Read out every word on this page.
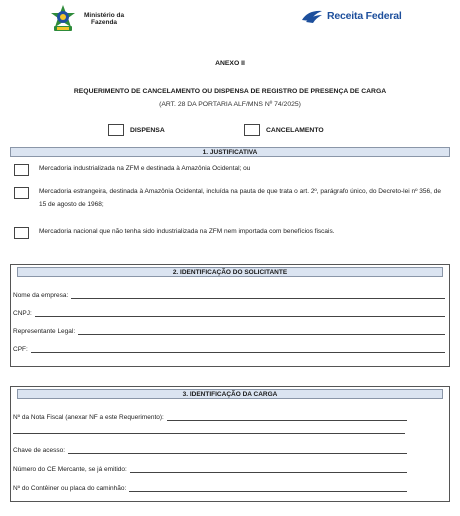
Ministério da
Fazenda
Receita Federal
ANEXO II
REQUERIMENTO DE CANCELAMENTO OU DISPENSA DE REGISTRO DE PRESENÇA DE CARGA
(ART. 28 DA PORTARIA ALF/MNS Nº 74/2025)
DISPENSA	CANCELAMENTO
1. JUSTIFICATIVA
Mercadoria industrializada na ZFM e destinada à Amazônia Ocidental; ou
Mercadoria estrangeira, destinada à Amazônia Ocidental, incluída na pauta de que trata o art. 2º, parágrafo único, do Decreto-lei nº 356, de 15 de agosto de 1968;
Mercadoria nacional que não tenha sido industrializada na ZFM nem importada com benefícios fiscais.
2. IDENTIFICAÇÃO DO SOLICITANTE
Nome da empresa:
CNPJ:
Representante Legal:
CPF:
3. IDENTIFICAÇÃO DA CARGA
Nº da Nota Fiscal (anexar NF a este Requerimento):
Chave de acesso:
Número do CE Mercante, se já emitido:
Nº do Contêiner ou placa do caminhão:
